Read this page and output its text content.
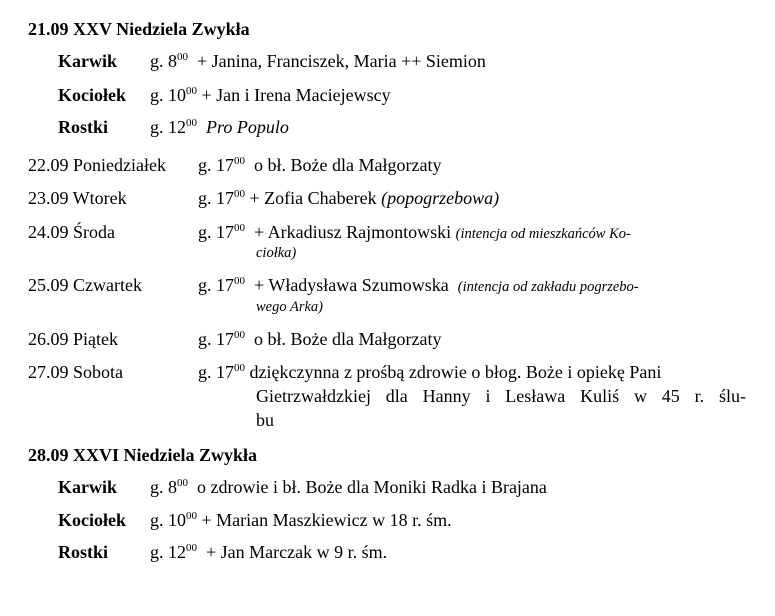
21.09 XXV Niedziela Zwykła
Karwik g. $8^{00}$ + Janina, Franciszek, Maria ++ Siemion
Kociołek g. $10^{00}$ + Jan i Irena Maciejewscy
Rostki g. $12^{00}$ Pro Populo
22.09 Poniedziałek g. $17^{00}$ o bł. Boże dla Małgorzaty
23.09 Wtorek	g. $17^{00}$ + Zofia Chaberek (popogrzebowa)
24.09 Środa	g. $17^{00}$ + Arkadiusz Rajmontowski (intencja od mieszkańców Ko-
ciołka)
25.09 Czwartek	g. $17^{00}$ + Władysława Szumowska (intencja od zakładu pogrzebo-
wego Arka)
26.09 Piątek	g. $17^{00}$ o bł. Boże dla Małgorzaty
27.09 Sobota	g. $17^{00}$ dziękczynna z prośbą zdrowie o błog. Boże i opiekę Pani
Gietrzwałdzkiej dla Hanny i Lesława Kuliś w 45 r. ślu-
bu
28.09 XXVI Niedziela Zwykła
Karwik g. $8^{00}$ o zdrowie i bł. Boże dla Moniki Radka i Brajana
Kociołek g. $10^{00}$ + Marian Maszkiewicz w 18 r. śm.
Rostki g. $12^{00}$ + Jan Marczak w 9 r. śm.
